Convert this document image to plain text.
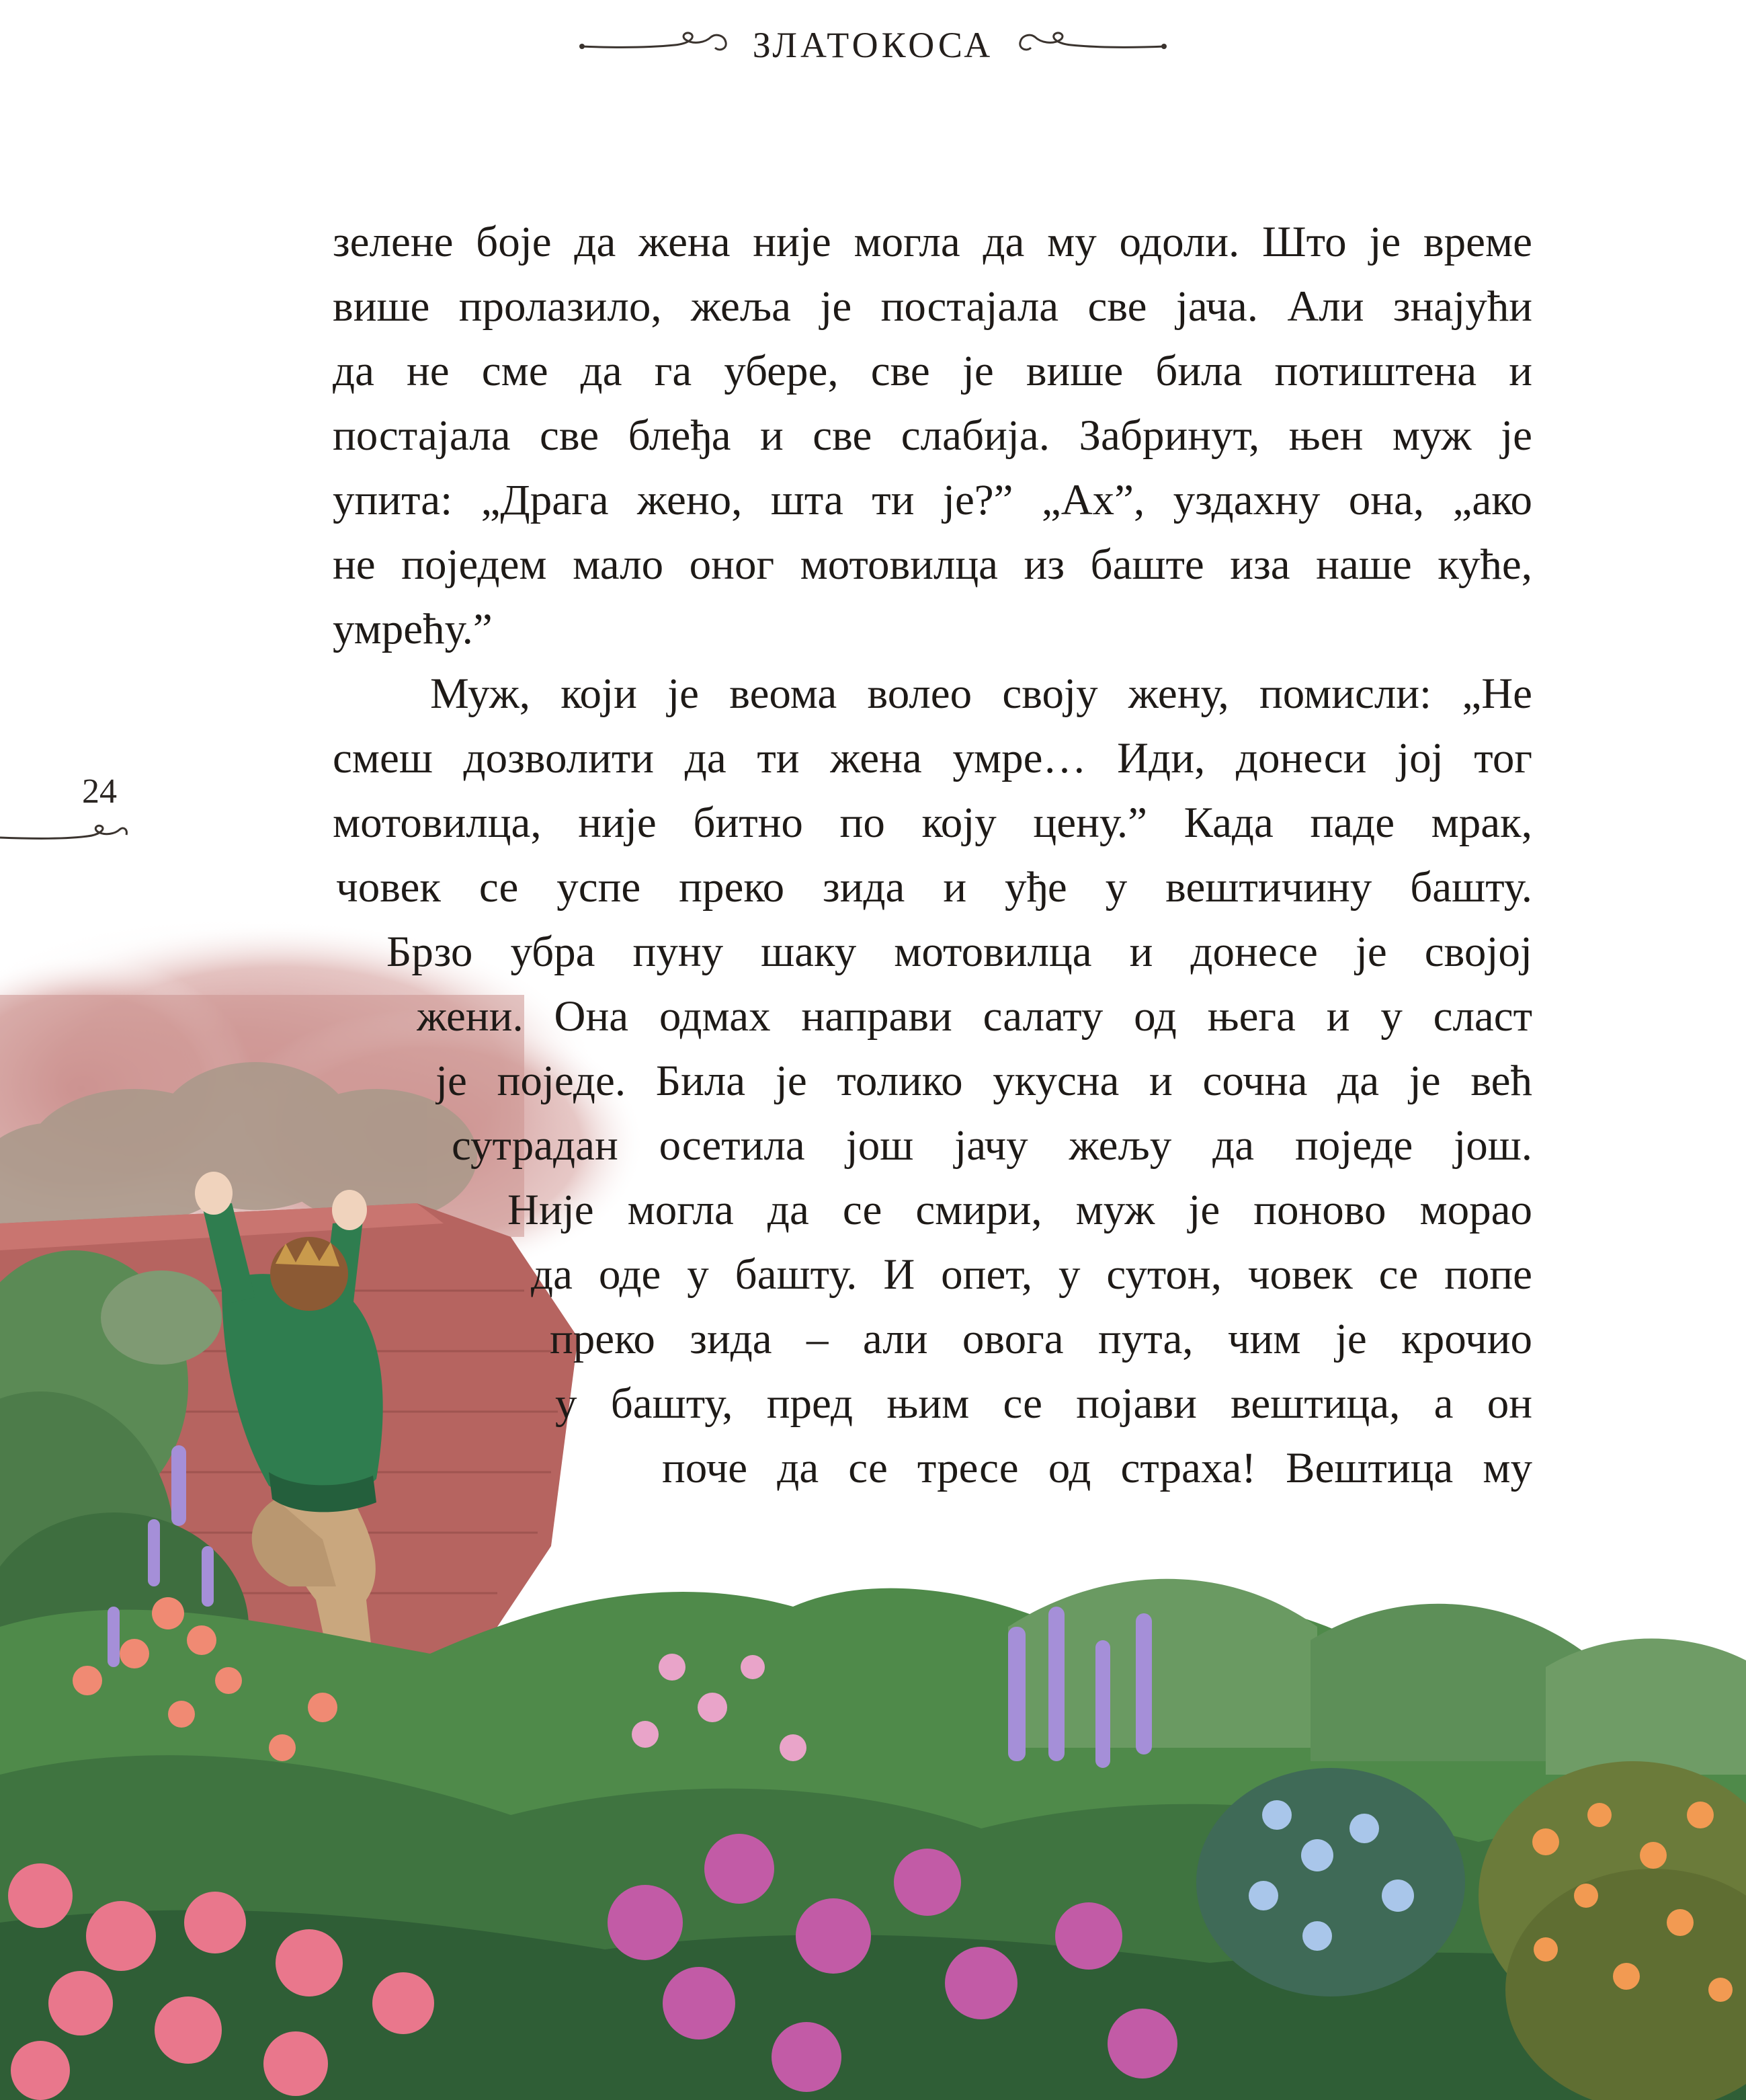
ЗЛАТОКОСА
24
зелене боје да жена није могла да му одоли. Што је време
више пролазило, жеља је постајала све јача. Али знајући
да не сме да га убере, све је више била потиштена и
постајала све блеђа и све слабија. Забринут, њен муж је
упита: „Драга жено, шта ти је?” „Ах”, уздахну она, „ако
не поједем мало оног мотовилца из баште иза наше куће,
умрећу.”
Муж, који је веома волео своју жену, помисли: „Не
смеш дозволити да ти жена умре… Иди, донеси јој тог
мотовилца, није битно по коју цену.” Када паде мрак,
човек се успе преко зида и уђе у вештичину башту.
Брзо убра пуну шаку мотовилца и донесе је својој
жени. Она одмах направи салату од њега и у сласт
је поједе. Била је толико укусна и сочна да је већ
сутрадан осетила још јачу жељу да поједе још.
Није могла да се смири, муж је поново морао
да оде у башту. И опет, у сутон, човек се попе
преко зида – али овога пута, чим је крочио
у башту, пред њим се појави вештица, а он
поче да се тресе од страха! Вештица му
